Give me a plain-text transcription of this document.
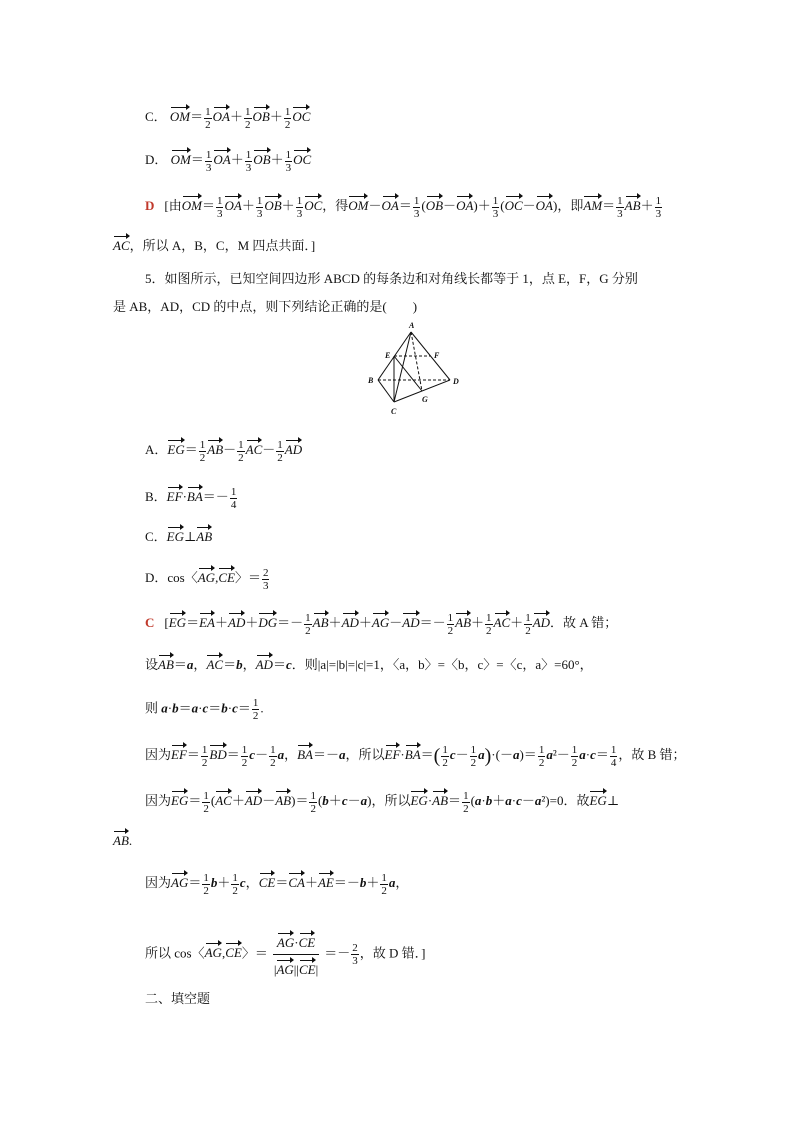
C． $OM= \frac{1}{2} OA+ \frac{1}{2} OB+ \frac{1}{2}$ OC
D． $OM= \frac{1}{3} OA+ \frac{1}{3} OB+ \frac{1}{3}$ OC
D [由$OM= \frac{1}{3} OA+ \frac{1}{3} OB+ \frac{1}{3}$ OC，得$OM-OA= \frac{1}{3} (OB-OA)+ \frac{1}{3} (OC-OA)$，即$AM= \frac{1}{3} AB+ \frac{1}{3}$
AC，所以 A，B，C，M 四点共面．]
5．如图所示，已知空间四边形 ABCD 的每条边和对角线长都等于 1，点 E，F，G 分别
是 AB，AD，CD 的中点，则下列结论正确的是(　　)
A
E	F
B	D
G
C
A．$EG= \frac{1}{2} AB- \frac{1}{2} AC- \frac{1}{2}$ AD
B．$EF\cdot BA=- \frac{1}{4}$
C．EG⊥AB
D．cos〈AG,CE〉＝ $\frac{2}{3}$
C [$EG=EA+AD+DG=- \frac{1}{2} AB+AD+AG-AD=- \frac{1}{2} AB+ \frac{1}{2} AC+ \frac{1}{2}$ AD．故 A 错；
设AB＝a，AC＝b，AD＝c．则|a|=|b|=|c|=1，〈a，b〉=〈b，c〉=〈c，a〉=60°，
则 $a\cdot b=a\cdot c=b\cdot c= \frac{1}{2}$ .
因为$EF= \frac{1}{2} BD= \frac{1}{2} c- \frac{1}{2}$ a，BA＝－a，所以$EF\cdot BA=( \frac{1}{2} c- \frac{1}{2} a)\cdot(-a)= \frac{1}{2} a^2- \frac{1}{2} a\cdot c= \frac{1}{4}$ ，故 B 错；
因为$EG= \frac{1}{2} (AC+AD-AB)= \frac{1}{2} (b+c-a)$，所以$EG\cdot AB= \frac{1}{2} (a\cdot b+a\cdot c-a^2)=0$．故EG⊥
AB.
因为$AG= \frac{1}{2} b+ \frac{1}{2}$ c，$CE=CA+AE=-b+ \frac{1}{2}$ a，
所以 cos〈AG,CE〉＝ $\frac{AG\cdot CE}{|AG||CE|} =- \frac{2}{3}$ ，故 D 错．]
二、填空题
